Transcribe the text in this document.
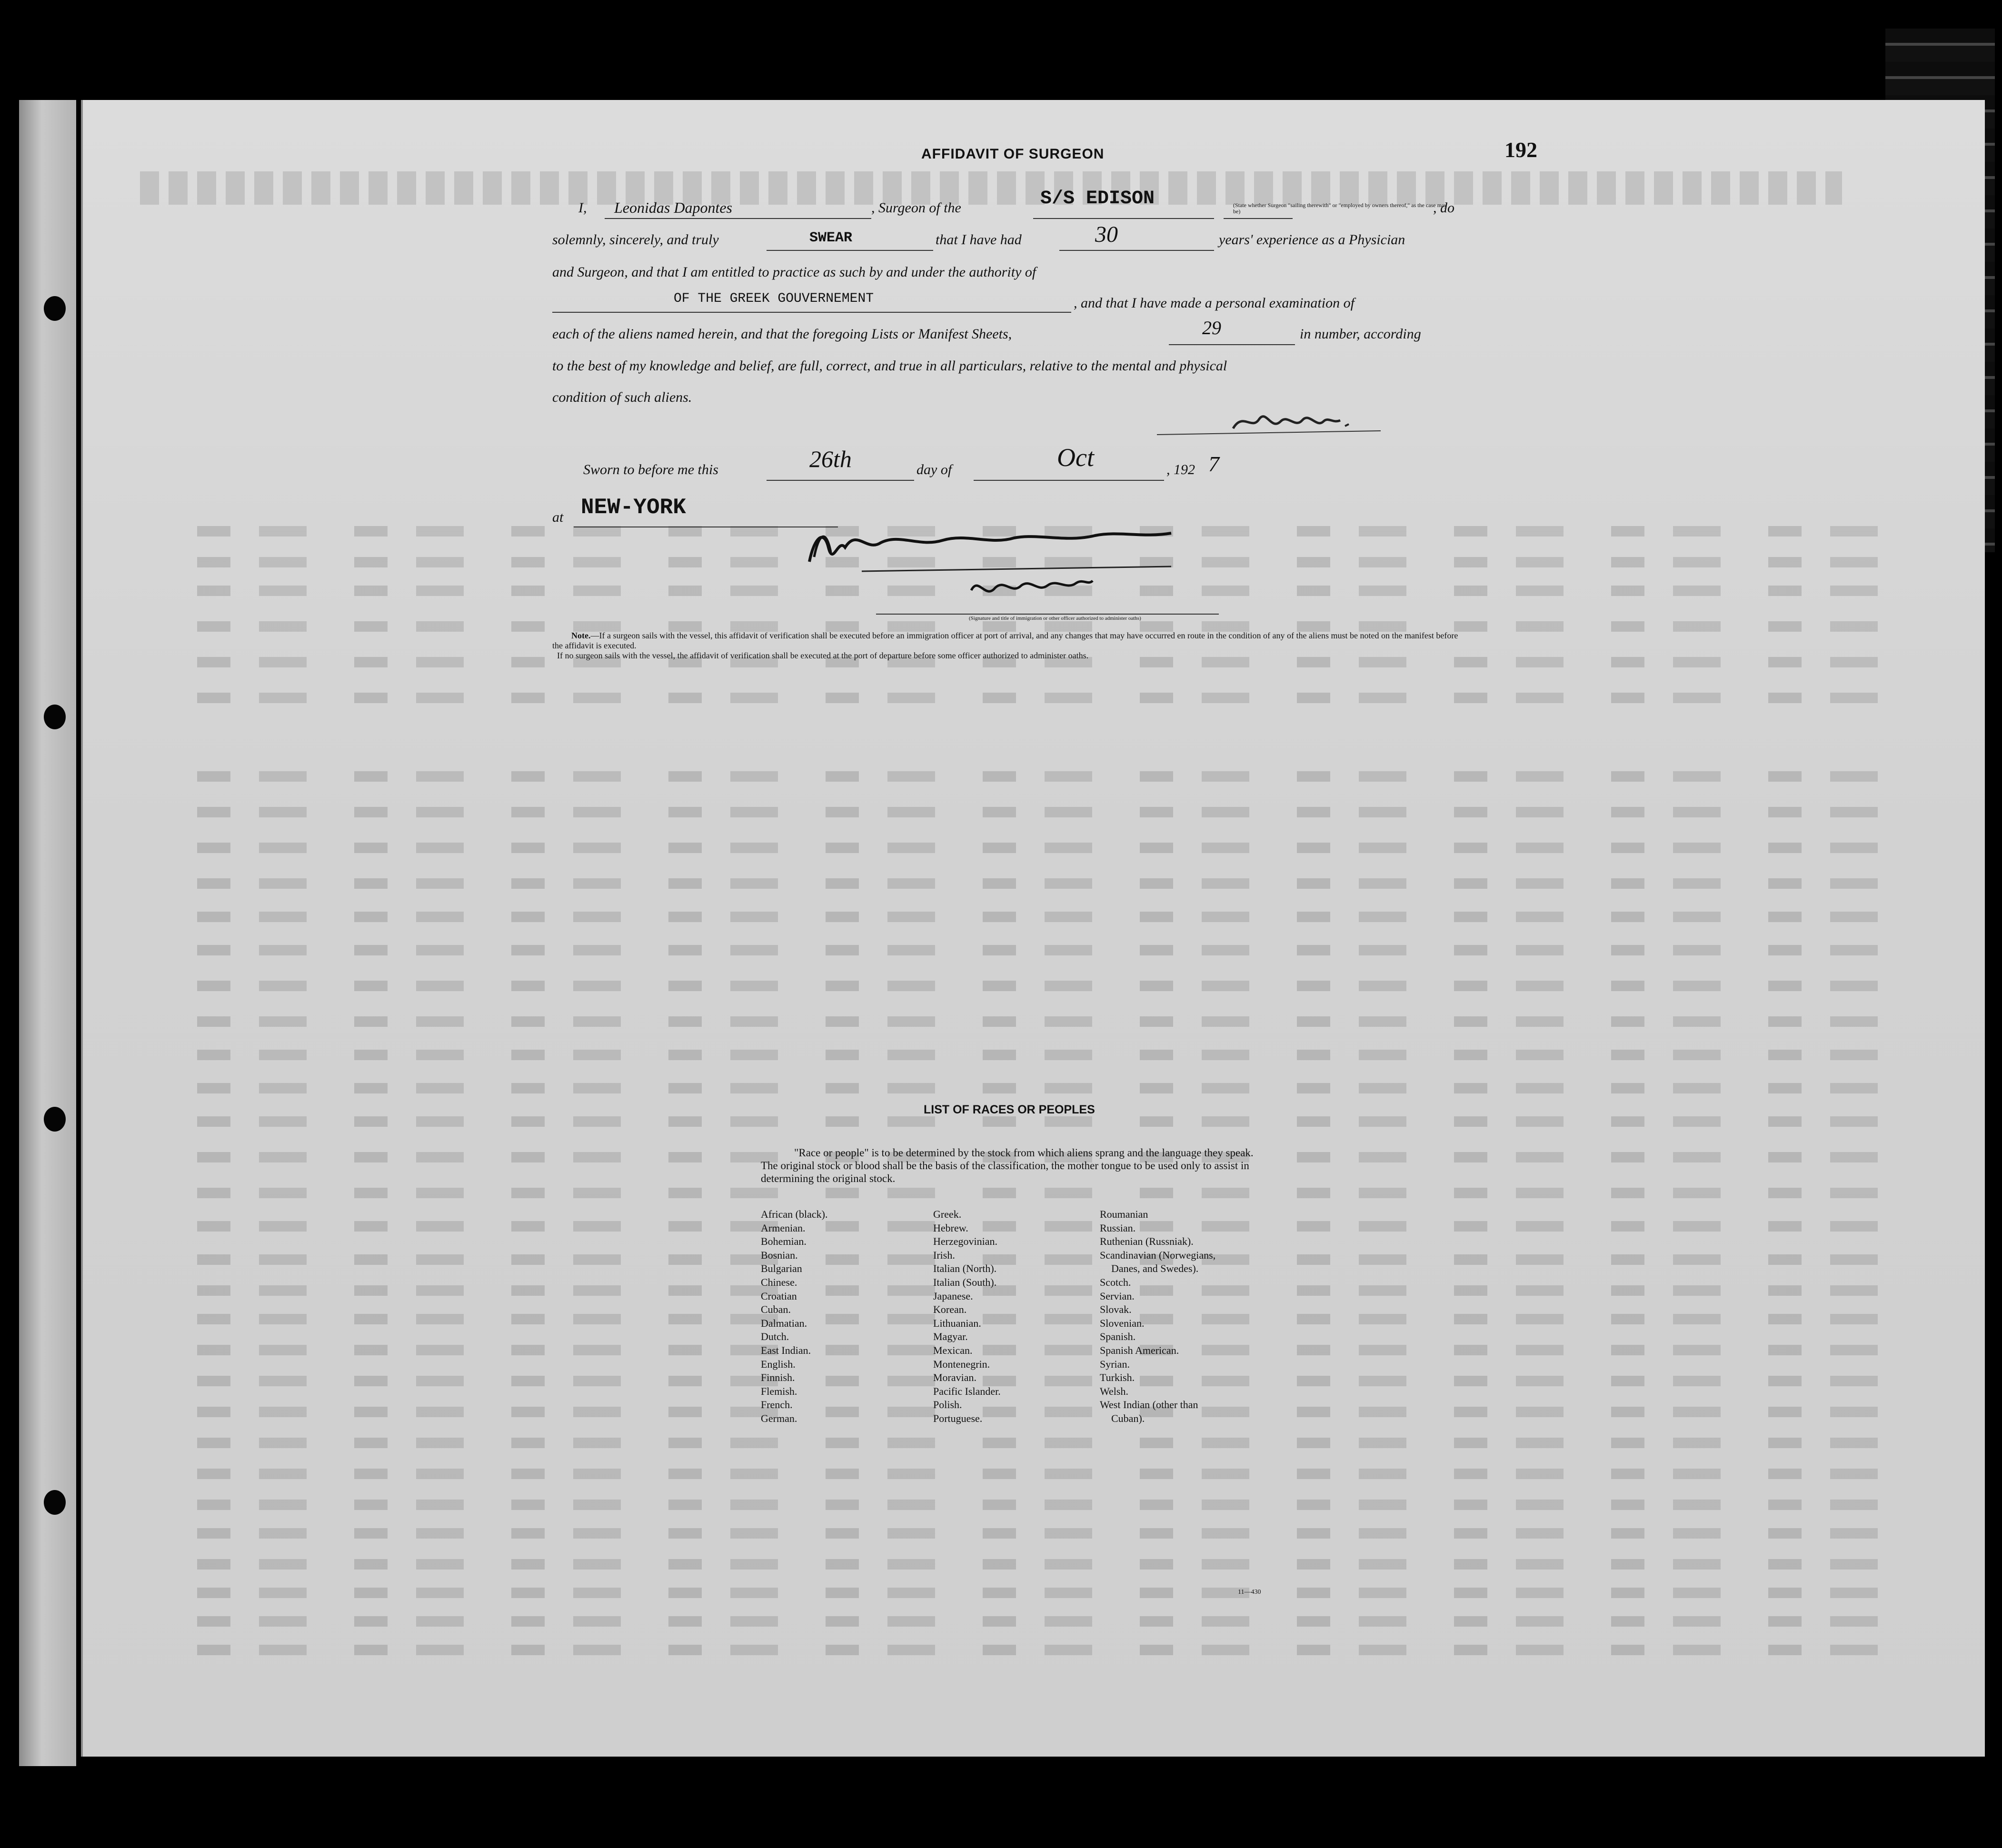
192
AFFIDAVIT OF SURGEON
I, Leonidas Dapontes	, Surgeon of the	S/S EDISON	(State whether Surgeon "sailing therewith" or "employed by owners thereof," as the case may be)	, do
solemnly, sincerely, and truly	SWEAR	that I have had	30	years' experience as a Physician
and Surgeon, and that I am entitled to practice as such by and under the authority of
OF THE GREEK GOUVERNEMENT	, and that I have made a personal examination of
each of the aliens named herein, and that the foregoing Lists or Manifest Sheets,	29	in number, according
to the best of my knowledge and belief, are full, correct, and true in all particulars, relative to the mental and physical
condition of such aliens.
Sworn to before me this	26th	day of	Oct	, 192 7
at NEW-YORK
(Signature and title of immigration or other officer authorized to administer oaths)
Note.—If a surgeon sails with the vessel, this affidavit of verification shall be executed before an immigration officer at port of arrival, and any changes that may have occurred en route in the condition of any of the aliens must be noted on the manifest before the affidavit is executed.
If no surgeon sails with the vessel, the affidavit of verification shall be executed at the port of departure before some officer authorized to administer oaths.
LIST OF RACES OR PEOPLES
"Race or people" is to be determined by the stock from which aliens sprang and the language they speak. The original stock or blood shall be the basis of the classification, the mother tongue to be used only to assist in determining the original stock.
African (black).
Armenian.
Bohemian.
Bosnian.
Bulgarian
Chinese.
Croatian
Cuban.
Dalmatian.
Dutch.
East Indian.
English.
Finnish.
Flemish.
French.
German.
Greek.
Hebrew.
Herzegovinian.
Irish.
Italian (North).
Italian (South).
Japanese.
Korean.
Lithuanian.
Magyar.
Mexican.
Montenegrin.
Moravian.
Pacific Islander.
Polish.
Portuguese.
Roumanian
Russian.
Ruthenian (Russniak).
Scandinavian (Norwegians,
Danes, and Swedes).
Scotch.
Servian.
Slovak.
Slovenian.
Spanish.
Spanish American.
Syrian.
Turkish.
Welsh.
West Indian (other than
Cuban).
11—430
